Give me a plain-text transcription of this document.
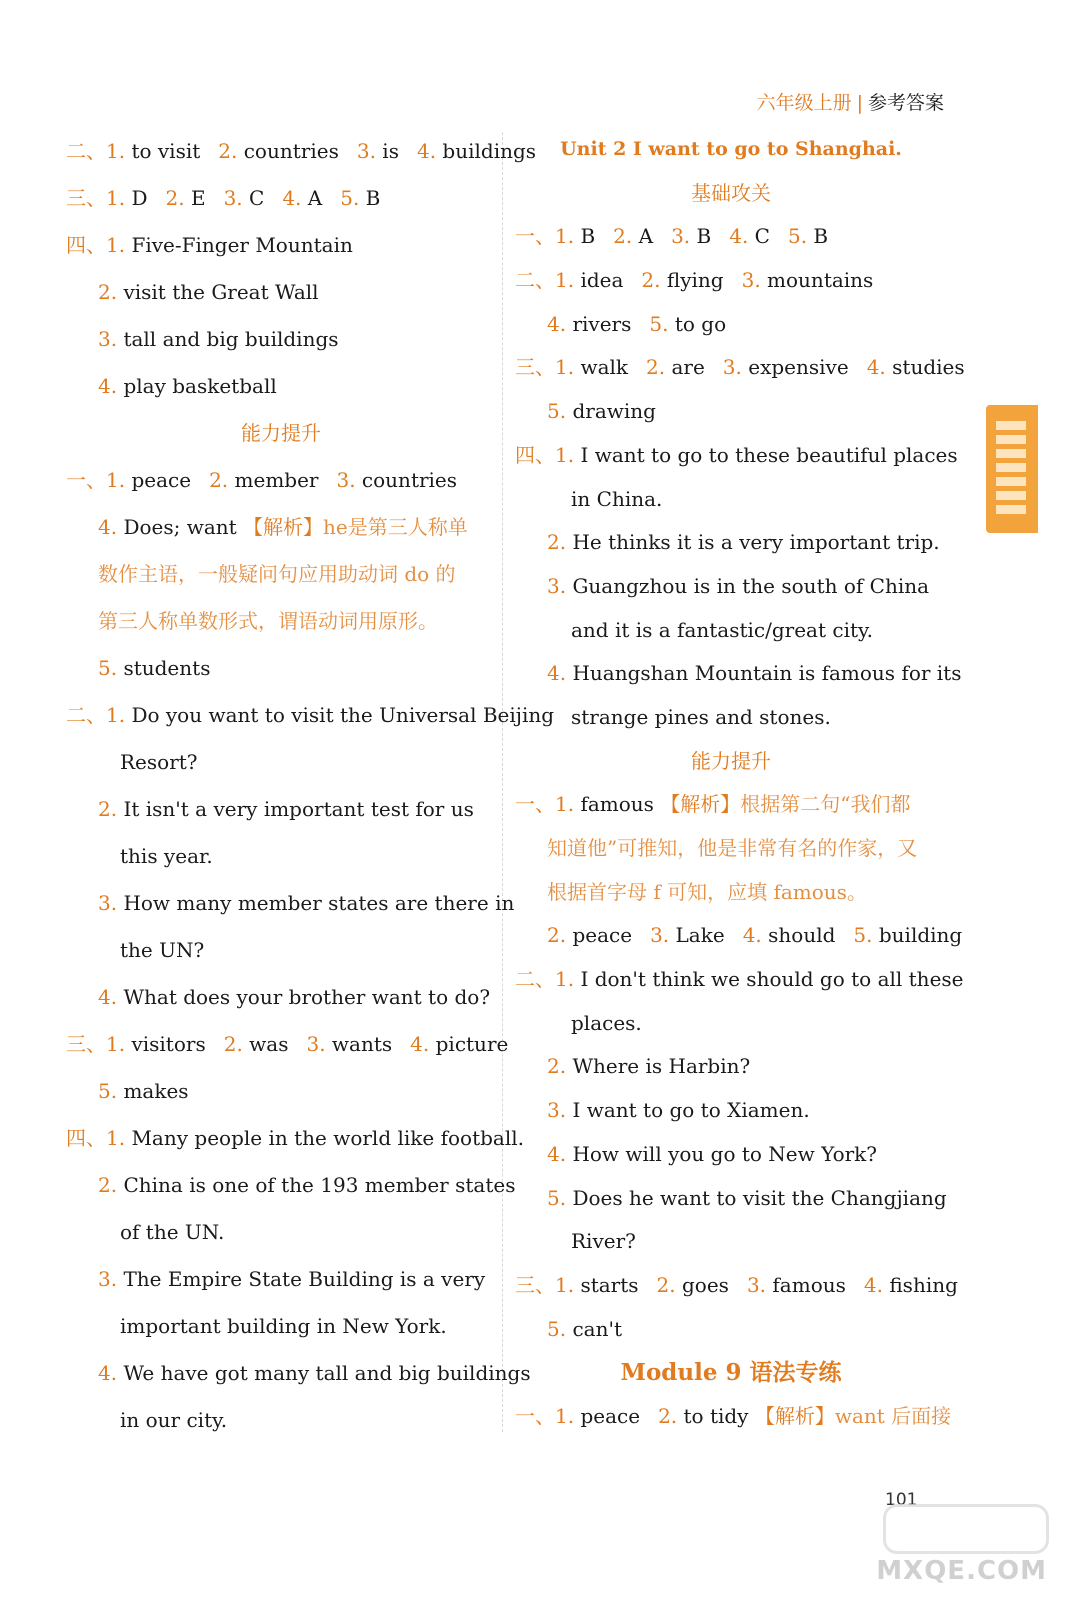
六年级上册 | 参考答案
二、1. to visit 2. countries 3. is 4. buildings
三、1. D 2. E 3. C 4. A 5. B
四、1. Five-Finger Mountain
2. visit the Great Wall
3. tall and big buildings
4. play basketball
能力提升
一、1. peace 2. member 3. countries
4. Does; want 【解析】he是第三人称单
数作主语，一般疑问句应用助动词 do 的
第三人称单数形式，谓语动词用原形。
5. students
二、1. Do you want to visit the Universal Beijing
Resort?
2. It isn't a very important test for us
this year.
3. How many member states are there in
the UN?
4. What does your brother want to do?
三、1. visitors 2. was 3. wants 4. picture
5. makes
四、1. Many people in the world like football.
2. China is one of the 193 member states
of the UN.
3. The Empire State Building is a very
important building in New York.
4. We have got many tall and big buildings
in our city.
Unit 2 I want to go to Shanghai.
基础攻关
一、1. B 2. A 3. B 4. C 5. B
二、1. idea 2. flying 3. mountains
4. rivers 5. to go
三、1. walk 2. are 3. expensive 4. studies
5. drawing
四、1. I want to go to these beautiful places
in China.
2. He thinks it is a very important trip.
3. Guangzhou is in the south of China
and it is a fantastic/great city.
4. Huangshan Mountain is famous for its
strange pines and stones.
能力提升
一、1. famous 【解析】根据第二句“我们都
知道他”可推知，他是非常有名的作家，又
根据首字母 f 可知，应填 famous。
2. peace 3. Lake 4. should 5. building
二、1. I don't think we should go to all these
places.
2. Where is Harbin?
3. I want to go to Xiamen.
4. How will you go to New York?
5. Does he want to visit the Changjiang
River?
三、1. starts 2. goes 3. famous 4. fishing
5. can't
Module 9 语法专练
一、1. peace 2. to tidy 【解析】want 后面接
101
MXQE.COM
